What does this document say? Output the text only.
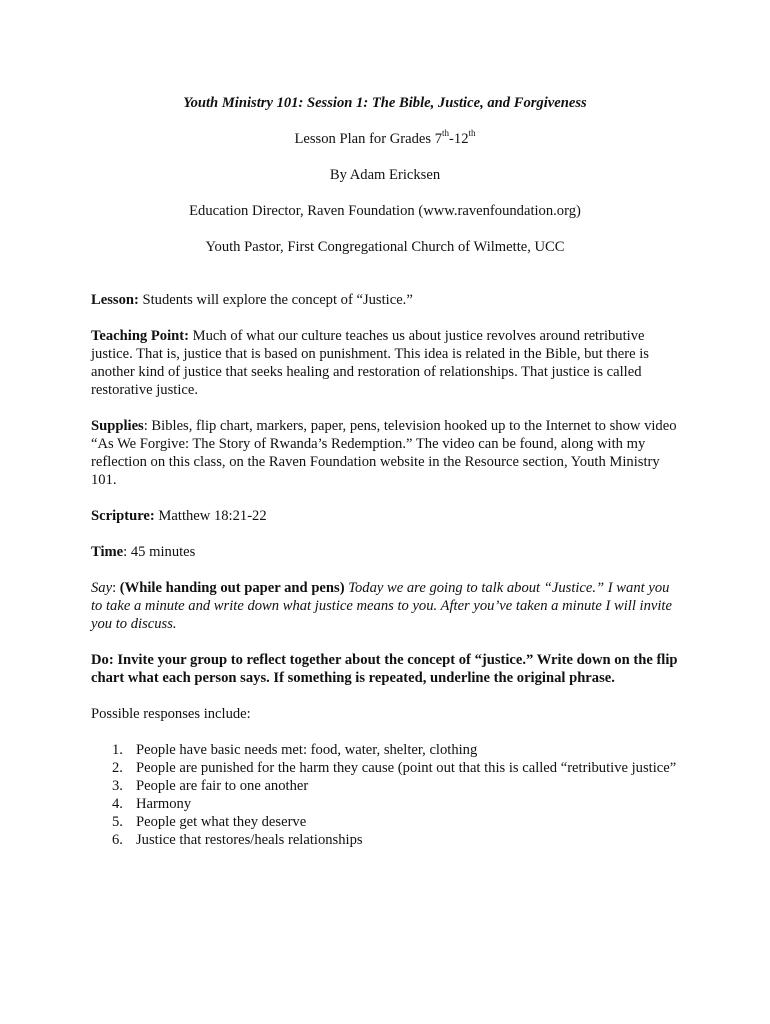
Youth Ministry 101: Session 1: The Bible, Justice, and Forgiveness
Lesson Plan for Grades 7th-12th
By Adam Ericksen
Education Director, Raven Foundation (www.ravenfoundation.org)
Youth Pastor, First Congregational Church of Wilmette, UCC

Lesson: Students will explore the concept of “Justice.”

Teaching Point: Much of what our culture teaches us about justice revolves around retributive justice. That is, justice that is based on punishment. This idea is related in the Bible, but there is another kind of justice that seeks healing and restoration of relationships. That justice is called restorative justice.

Supplies: Bibles, flip chart, markers, paper, pens, television hooked up to the Internet to show video “As We Forgive: The Story of Rwanda’s Redemption.” The video can be found, along with my reflection on this class, on the Raven Foundation website in the Resource section, Youth Ministry 101.

Scripture: Matthew 18:21-22

Time: 45 minutes

Say: (While handing out paper and pens) Today we are going to talk about “Justice.” I want you to take a minute and write down what justice means to you. After you’ve taken a minute I will invite you to discuss.

Do: Invite your group to reflect together about the concept of “justice.” Write down on the flip chart what each person says. If something is repeated, underline the original phrase.

Possible responses include:

1. People have basic needs met: food, water, shelter, clothing
2. People are punished for the harm they cause (point out that this is called “retributive justice”
3. People are fair to one another
4. Harmony
5. People get what they deserve
6. Justice that restores/heals relationships
